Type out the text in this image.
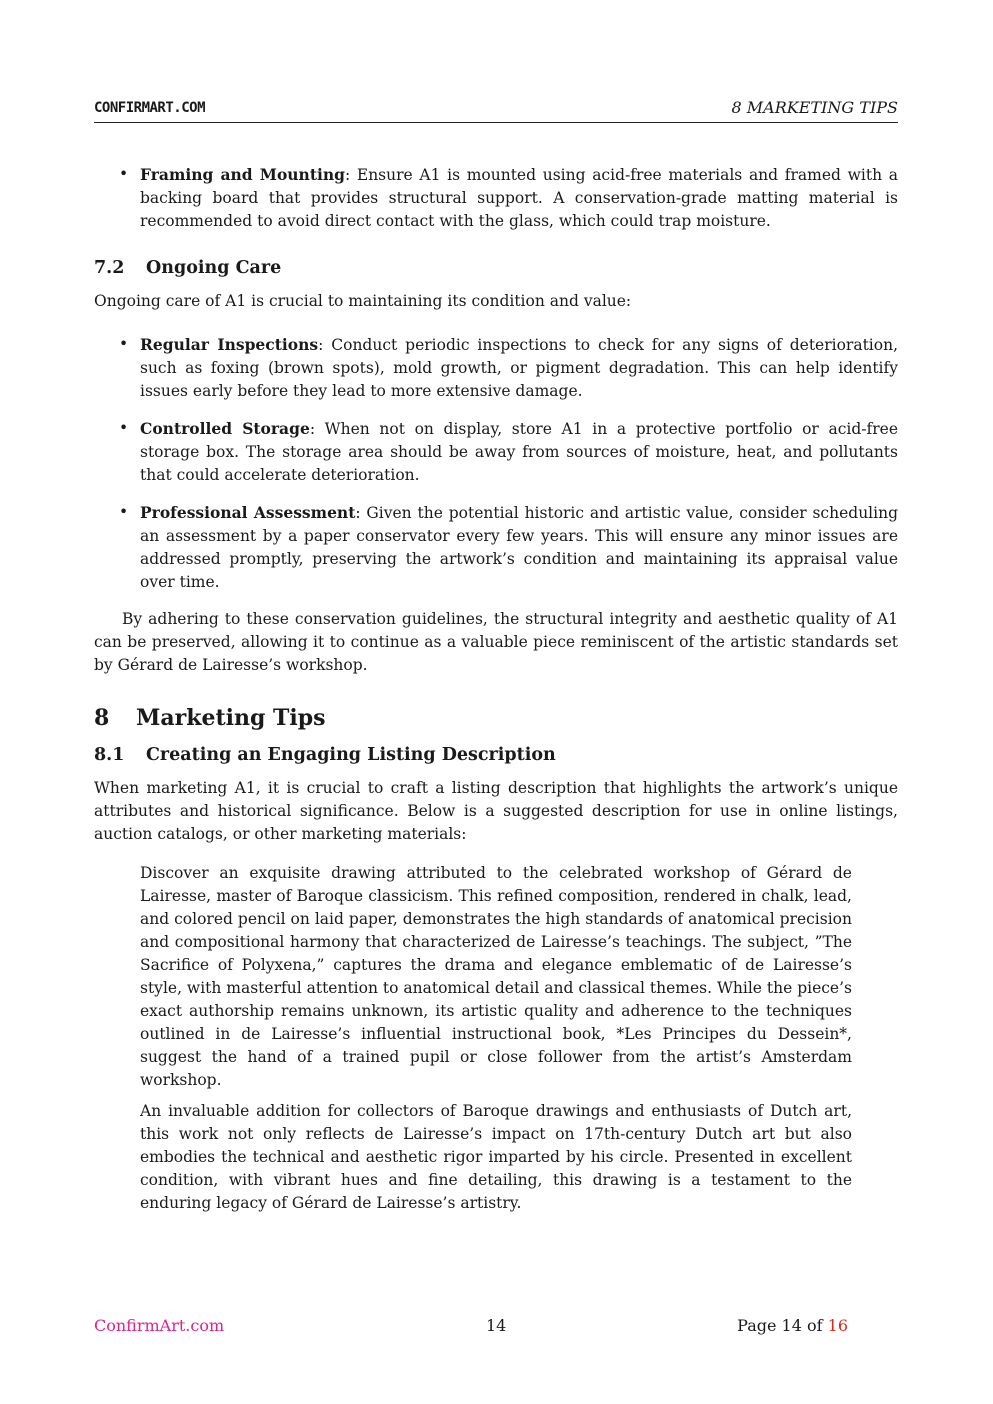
CONFIRMART.COM	8 MARKETING TIPS
• Framing and Mounting: Ensure A1 is mounted using acid-free materials and framed with a backing board that provides structural support. A conservation-grade matting material is recommended to avoid direct contact with the glass, which could trap moisture.
7.2 Ongoing Care

Ongoing care of A1 is crucial to maintaining its condition and value:

• Regular Inspections: Conduct periodic inspections to check for any signs of deterioration, such as foxing (brown spots), mold growth, or pigment degradation. This can help identify issues early before they lead to more extensive damage.
• Controlled Storage: When not on display, store A1 in a protective portfolio or acid-free storage box. The storage area should be away from sources of moisture, heat, and pollutants that could accelerate deterioration.
• Professional Assessment: Given the potential historic and artistic value, consider scheduling an assessment by a paper conservator every few years. This will ensure any minor issues are addressed promptly, preserving the artwork’s condition and maintaining its appraisal value over time.

By adhering to these conservation guidelines, the structural integrity and aesthetic quality of A1 can be preserved, allowing it to continue as a valuable piece reminiscent of the artistic standards set by Gérard de Lairesse’s workshop.

8 Marketing Tips
8.1 Creating an Engaging Listing Description

When marketing A1, it is crucial to craft a listing description that highlights the artwork’s unique attributes and historical significance. Below is a suggested description for use in online listings, auction catalogs, or other marketing materials:

Discover an exquisite drawing attributed to the celebrated workshop of Gérard de Lairesse, master of Baroque classicism. This refined composition, rendered in chalk, lead, and colored pencil on laid paper, demonstrates the high standards of anatomical precision and compositional harmony that characterized de Lairesse’s teachings. The subject, ”The Sacrifice of Polyxena,” captures the drama and elegance emblematic of de Lairesse’s style, with masterful attention to anatomical detail and classical themes. While the piece’s exact authorship remains unknown, its artistic quality and adherence to the techniques outlined in de Lairesse’s influential instructional book, *Les Principes du Dessein*, suggest the hand of a trained pupil or close follower from the artist’s Amsterdam workshop.

An invaluable addition for collectors of Baroque drawings and enthusiasts of Dutch art, this work not only reflects de Lairesse’s impact on 17th-century Dutch art but also embodies the technical and aesthetic rigor imparted by his circle. Presented in excellent condition, with vibrant hues and fine detailing, this drawing is a testament to the enduring legacy of Gérard de Lairesse’s artistry.

ConfirmArt.com	14	Page 14 of 16
